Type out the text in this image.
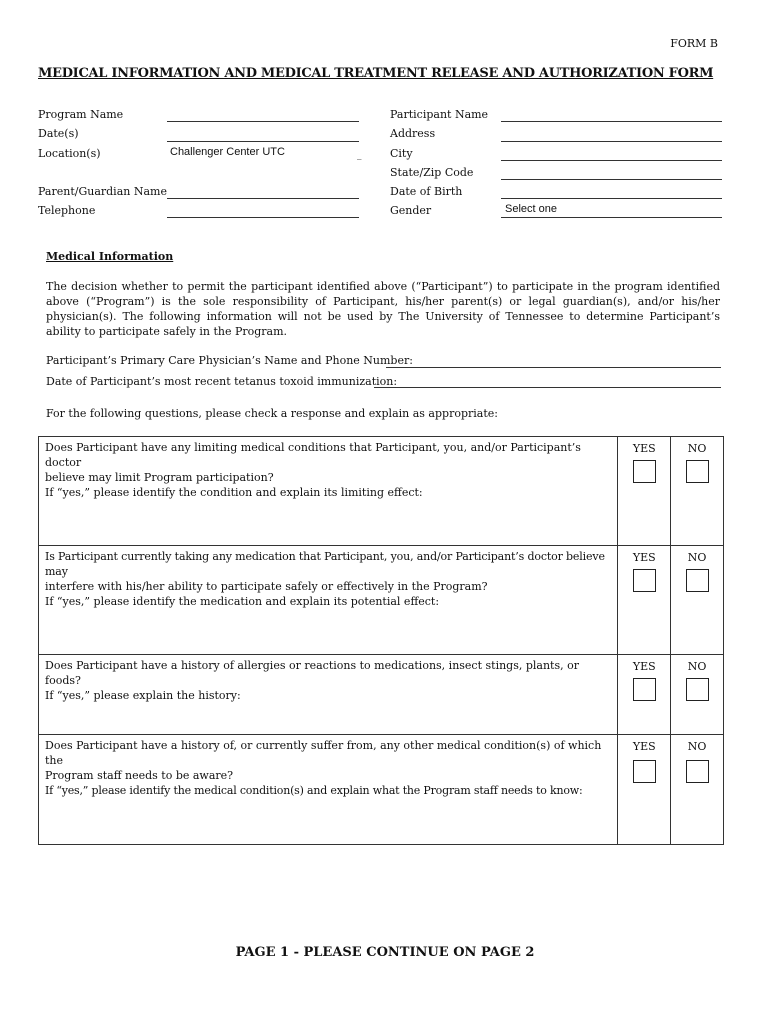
FORM B
MEDICAL INFORMATION AND MEDICAL TREATMENT RELEASE AND AUTHORIZATION FORM
Program Name
Date(s)
Location(s)	Challenger Center UTC	_
Parent/Guardian Name
Telephone
Participant Name
Address
City
State/Zip Code
Date of Birth
Gender	Select one
Medical Information
The decision whether to permit the participant identified above (“Participant”) to participate in the program identified above (“Program”) is the sole responsibility of Participant, his/her parent(s) or legal guardian(s), and/or his/her physician(s). The following information will not be used by The University of Tennessee to determine Participant’s ability to participate safely in the Program.
Participant’s Primary Care Physician’s Name and Phone Number:
Date of Participant’s most recent tetanus toxoid immunization:
For the following questions, please check a response and explain as appropriate:
Does Participant have any limiting medical conditions that Participant, you, and/or Participant’s doctor
believe may limit Program participation?
If “yes,” please identify the condition and explain its limiting effect:	YES	NO

Is Participant currently taking any medication that Participant, you, and/or Participant’s doctor believe may
interfere with his/her ability to participate safely or effectively in the Program?
If “yes,” please identify the medication and explain its potential effect:	YES	NO

Does Participant have a history of allergies or reactions to medications, insect stings, plants, or foods?
If “yes,” please explain the history:	YES	NO

Does Participant have a history of, or currently suffer from, any other medical condition(s) of which the
Program staff needs to be aware?
If “yes,” please identify the medical condition(s) and explain what the Program staff needs to know:	YES	NO
PAGE 1 - PLEASE CONTINUE ON PAGE 2
